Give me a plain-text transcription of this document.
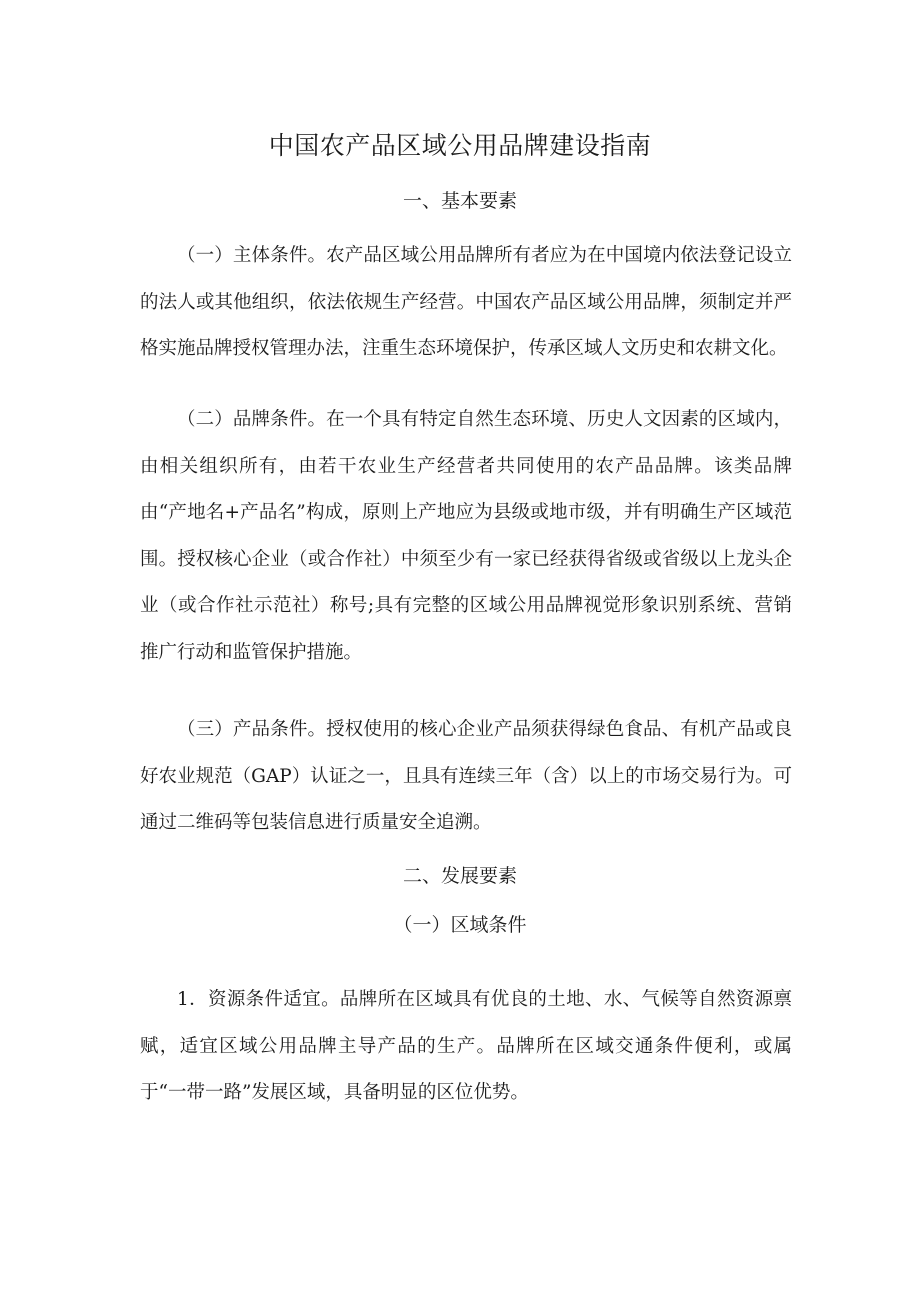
中国农产品区域公用品牌建设指南
一、基本要素

（一）主体条件。农产品区域公用品牌所有者应为在中国境内依法登记设立的法人或其他组织，依法依规生产经营。中国农产品区域公用品牌，须制定并严格实施品牌授权管理办法，注重生态环境保护，传承区域人文历史和农耕文化。

（二）品牌条件。在一个具有特定自然生态环境、历史人文因素的区域内，由相关组织所有，由若干农业生产经营者共同使用的农产品品牌。该类品牌由“产地名+产品名”构成，原则上产地应为县级或地市级，并有明确生产区域范围。授权核心企业（或合作社）中须至少有一家已经获得省级或省级以上龙头企业（或合作社示范社）称号;具有完整的区域公用品牌视觉形象识别系统、营销推广行动和监管保护措施。

（三）产品条件。授权使用的核心企业产品须获得绿色食品、有机产品或良好农业规范（GAP）认证之一，且具有连续三年（含）以上的市场交易行为。可通过二维码等包装信息进行质量安全追溯。

二、发展要素
（一）区域条件

1．资源条件适宜。品牌所在区域具有优良的土地、水、气候等自然资源禀赋，适宜区域公用品牌主导产品的生产。品牌所在区域交通条件便利，或属于“一带一路”发展区域，具备明显的区位优势。
